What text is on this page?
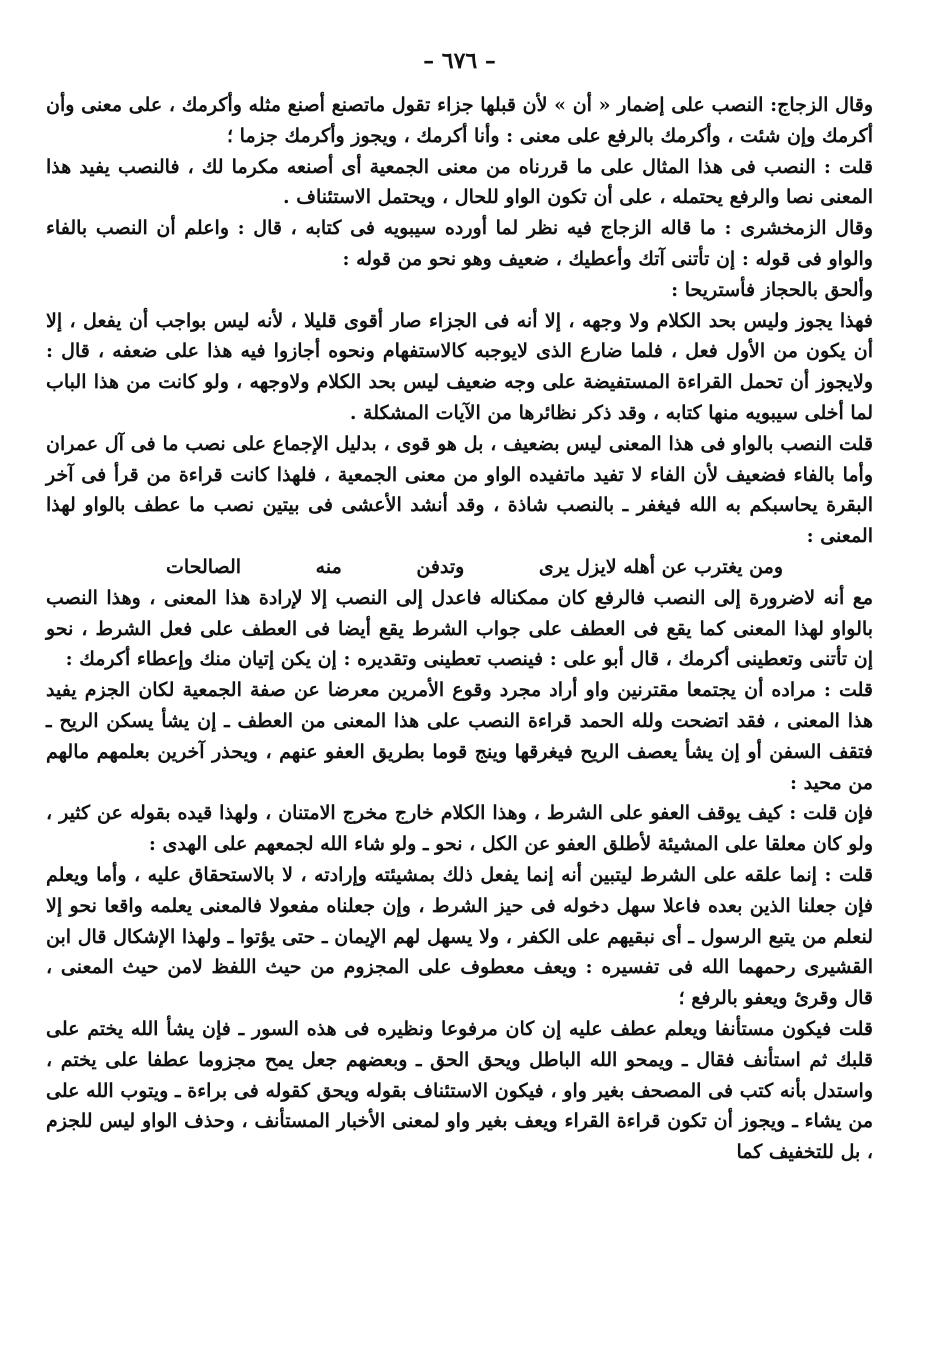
– ٦٧٦ –

وقال الزجاج: النصب على إضمار « أن » لأن قبلها جزاء تقول ماتصنع أصنع مثله وأكرمك ، على معنى وأن أكرمك وإن شئت ، وأكرمك بالرفع على معنى : وأنا أكرمك ، ويجوز وأكرمك جزما ؛

قلت : النصب فى هذا المثال على ما قررناه من معنى الجمعية أى أصنعه مكرما لك ، فالنصب يفيد هذا المعنى نصا والرفع يحتمله ، على أن تكون الواو للحال ، ويحتمل الاستئناف .

وقال الزمخشرى : ما قاله الزجاج فيه نظر لما أورده سيبويه فى كتابه ، قال : واعلم أن النصب بالفاء والواو فى قوله : إن تأتنى آتك وأعطيك ، ضعيف وهو نحو من قوله :

وألحق بالحجاز فأستريحا :

فهذا يجوز وليس بحد الكلام ولا وجهه ، إلا أنه فى الجزاء صار أقوى قليلا ، لأنه ليس بواجب أن يفعل ، إلا أن يكون من الأول فعل ، فلما ضارع الذى لايوجبه كالاستفهام ونحوه أجازوا فيه هذا على ضعفه ، قال : ولايجوز أن تحمل القراءة المستفيضة على وجه ضعيف ليس بحد الكلام ولاوجهه ، ولو كانت من هذا الباب لما أخلى سيبويه منها كتابه ، وقد ذكر نظائرها من الآيات المشكلة .

قلت النصب بالواو فى هذا المعنى ليس بضعيف ، بل هو قوى ، بدليل الإجماع على نصب ما فى آل عمران وأما بالفاء فضعيف لأن الفاء لا تفيد ماتفيده الواو من معنى الجمعية ، فلهذا كانت قراءة من قرأ فى آخر البقرة يحاسبكم به الله فيغفر ـ بالنصب شاذة ، وقد أنشد الأعشى فى بيتين نصب ما عطف بالواو لهذا المعنى :

ومن يغترب عن أهله لايزل يرى
وتدفن
منه
الصالحات

مع أنه لاضرورة إلى النصب فالرفع كان ممكناله فاعدل إلى النصب إلا لإرادة هذا المعنى ، وهذا النصب بالواو لهذا المعنى كما يقع فى العطف على جواب الشرط يقع أيضا فى العطف على فعل الشرط ، نحو إن تأتنى وتعطينى أكرمك ، قال أبو على : فينصب تعطينى وتقديره : إن يكن إتيان منك وإعطاء أكرمك :

قلت : مراده أن يجتمعا مقترنين واو أراد مجرد وقوع الأمرين معرضا عن صفة الجمعية لكان الجزم يفيد هذا المعنى ، فقد اتضحت ولله الحمد قراءة النصب على هذا المعنى من العطف ـ إن يشأ يسكن الريح ـ فتقف السفن أو إن يشأ يعصف الريح فيغرقها وينج قوما بطريق العفو عنهم ، ويحذر آخرين بعلمهم مالهم من محيد :

فإن قلت : كيف يوقف العفو على الشرط ، وهذا الكلام خارج مخرج الامتنان ، ولهذا قيده بقوله عن كثير ، ولو كان معلقا على المشيئة لأطلق العفو عن الكل ، نحو ـ ولو شاء الله لجمعهم على الهدى :

قلت : إنما علقه على الشرط ليتبين أنه إنما يفعل ذلك بمشيئته وإرادته ، لا بالاستحقاق عليه ، وأما ويعلم فإن جعلنا الذين بعده فاعلا سهل دخوله فى حيز الشرط ، وإن جعلناه مفعولا فالمعنى يعلمه واقعا نحو إلا لنعلم من يتبع الرسول ـ أى نبقيهم على الكفر ، ولا يسهل لهم الإيمان ـ حتى يؤتوا ـ ولهذا الإشكال قال ابن القشيرى رحمهما الله فى تفسيره : ويعف معطوف على المجزوم من حيث اللفظ لامن حيث المعنى ، قال وقرئ ويعفو بالرفع ؛

قلت فيكون مستأنفا ويعلم عطف عليه إن كان مرفوعا ونظيره فى هذه السور ـ فإن يشأ الله يختم على قلبك ثم استأنف فقال ـ ويمحو الله الباطل ويحق الحق ـ وبعضهم جعل يمح مجزوما عطفا على يختم ، واستدل بأنه كتب فى المصحف بغير واو ، فيكون الاستئناف بقوله ويحق كقوله فى براءة ـ ويتوب الله على من يشاء ـ ويجوز أن تكون قراءة القراء ويعف بغير واو لمعنى الأخبار المستأنف ، وحذف الواو ليس للجزم ، بل للتخفيف كما
